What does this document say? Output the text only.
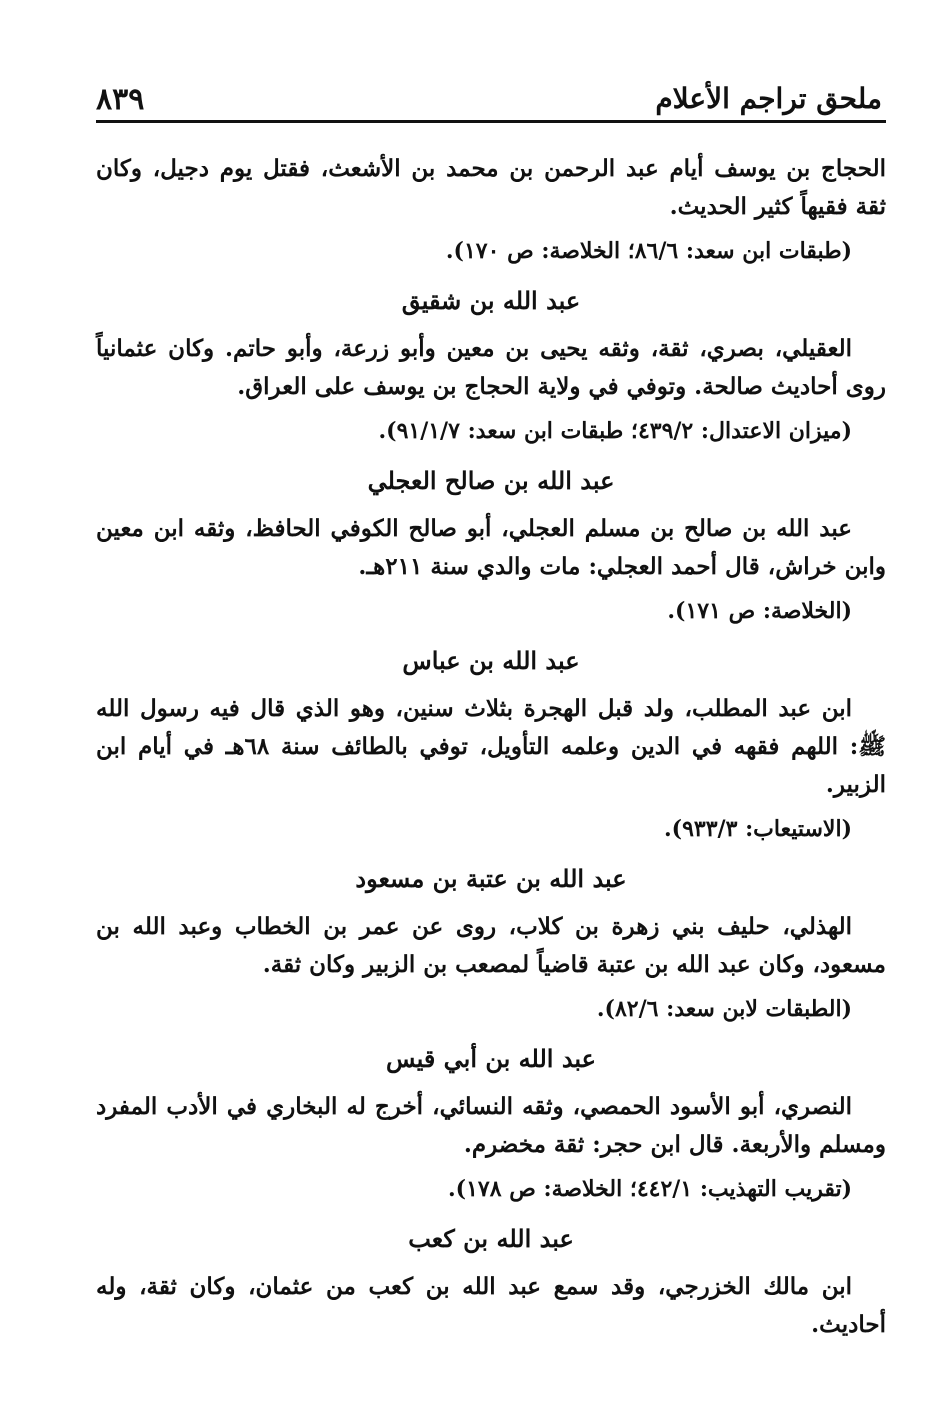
ملحق تراجم الأعلام
٨٣٩

الحجاج بن يوسف أيام عبد الرحمن بن محمد بن الأشعث، فقتل يوم دجيل، وكان ثقة فقيهاً كثير الحديث.

(طبقات ابن سعد: ٨٦/٦؛ الخلاصة: ص ١٧٠).

عبد الله بن شقيق

العقيلي، بصري، ثقة، وثقه يحيى بن معين وأبو زرعة، وأبو حاتم. وكان عثمانياً روى أحاديث صالحة. وتوفي في ولاية الحجاج بن يوسف على العراق.

(ميزان الاعتدال: ٤٣٩/٢؛ طبقات ابن سعد: ٩١/١/٧).

عبد الله بن صالح العجلي

عبد الله بن صالح بن مسلم العجلي، أبو صالح الكوفي الحافظ، وثقه ابن معين وابن خراش، قال أحمد العجلي: مات والدي سنة ٢١١هـ.

(الخلاصة: ص ١٧١).

عبد الله بن عباس

ابن عبد المطلب، ولد قبل الهجرة بثلاث سنين، وهو الذي قال فيه رسول الله ﷺ: اللهم فقهه في الدين وعلمه التأويل، توفي بالطائف سنة ٦٨هـ في أيام ابن الزبير.

(الاستيعاب: ٩٣٣/٣).

عبد الله بن عتبة بن مسعود

الهذلي، حليف بني زهرة بن كلاب، روى عن عمر بن الخطاب وعبد الله بن مسعود، وكان عبد الله بن عتبة قاضياً لمصعب بن الزبير وكان ثقة.

(الطبقات لابن سعد: ٨٢/٦).

عبد الله بن أبي قيس

النصري، أبو الأسود الحمصي، وثقه النسائي، أخرج له البخاري في الأدب المفرد ومسلم والأربعة. قال ابن حجر: ثقة مخضرم.

(تقريب التهذيب: ٤٤٢/١؛ الخلاصة: ص ١٧٨).

عبد الله بن كعب

ابن مالك الخزرجي، وقد سمع عبد الله بن كعب من عثمان، وكان ثقة، وله أحاديث.
